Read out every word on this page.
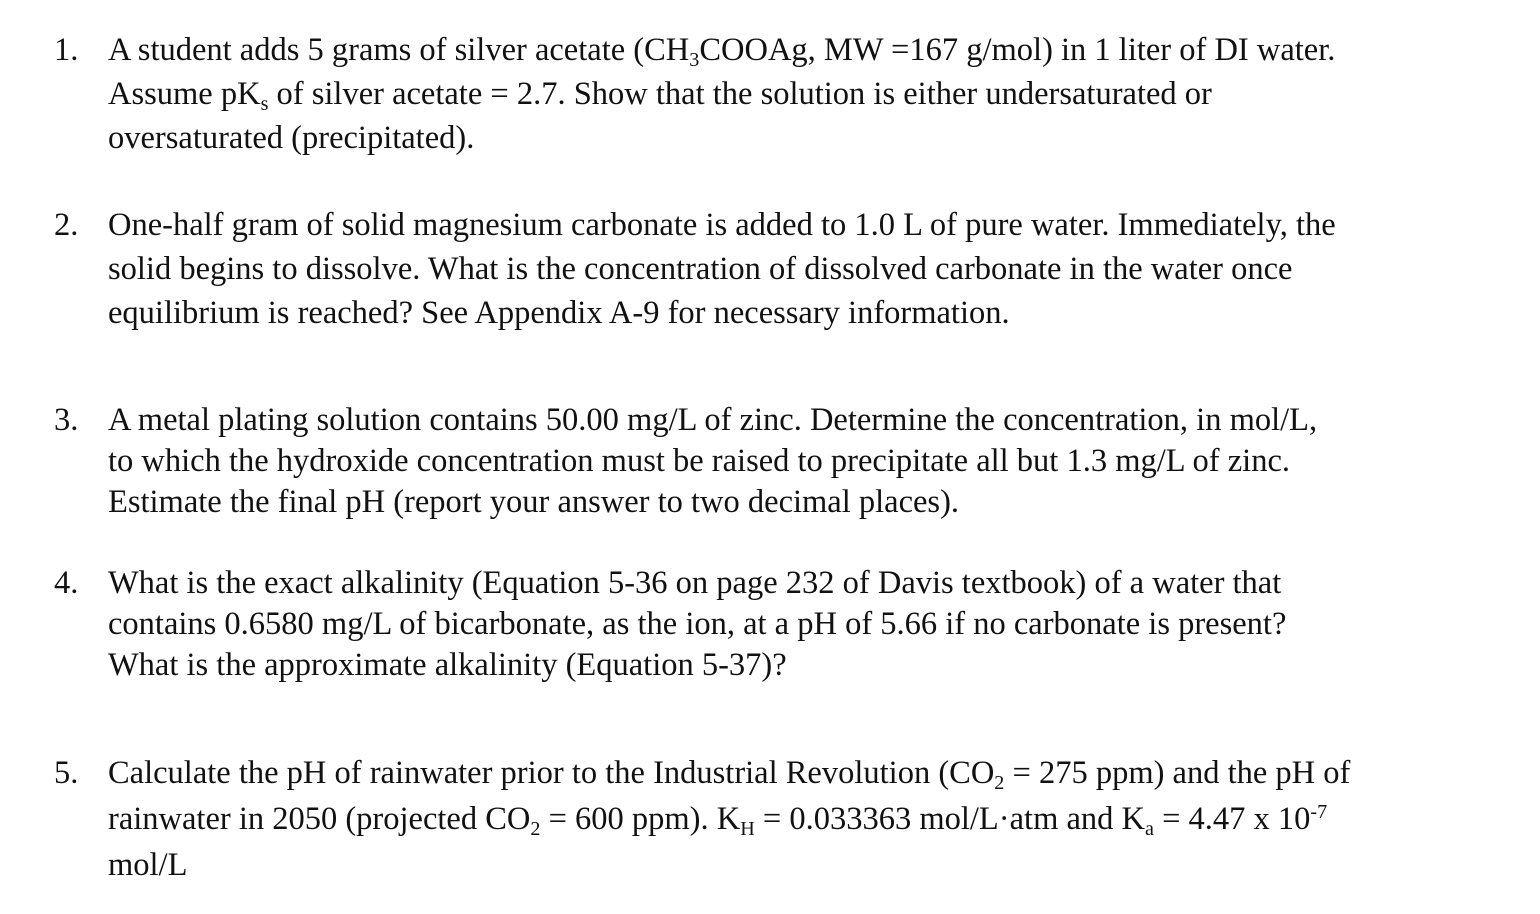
1. A student adds 5 grams of silver acetate ($CH_3COOAg$, MW =167 g/mol) in 1 liter of DI water.
Assume $pK_s$ of silver acetate = 2.7. Show that the solution is either undersaturated or
oversaturated (precipitated).
2. One-half gram of solid magnesium carbonate is added to 1.0 L of pure water. Immediately, the
solid begins to dissolve. What is the concentration of dissolved carbonate in the water once
equilibrium is reached? See Appendix A-9 for necessary information.
3. A metal plating solution contains 50.00 mg/L of zinc. Determine the concentration, in mol/L,
to which the hydroxide concentration must be raised to precipitate all but 1.3 mg/L of zinc.
Estimate the final pH (report your answer to two decimal places).
4. What is the exact alkalinity (Equation 5-36 on page 232 of Davis textbook) of a water that
contains 0.6580 mg/L of bicarbonate, as the ion, at a pH of 5.66 if no carbonate is present?
What is the approximate alkalinity (Equation 5-37)?
5. Calculate the pH of rainwater prior to the Industrial Revolution ($CO_2 = 275$ ppm) and the pH of
rainwater in 2050 (projected $CO_2 = 600$ ppm). $K_H = 0.033363$ mol/L·atm and $K_a = 4.47$ x $10^{-7}$
mol/L
